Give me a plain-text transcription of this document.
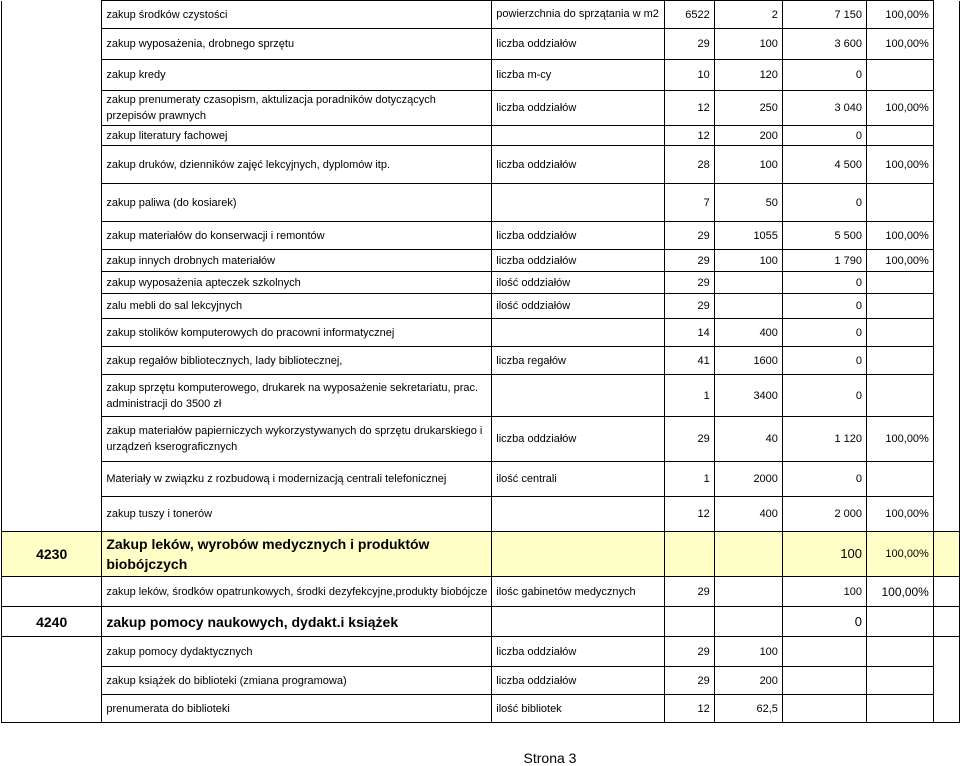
	zakup środków czystości	powierzchnia do sprzątania w m2	6522	2	7 150	100,00%	
	zakup wyposażenia, drobnego sprzętu	liczba oddziałów	29	100	3 600	100,00%	
	zakup kredy	liczba m-cy	10	120	0		
	zakup prenumeraty czasopism, aktulizacja poradników dotyczących przepisów prawnych	liczba oddziałów	12	250	3 040	100,00%	
	zakup literatury fachowej		12	200	0		
	zakup druków, dzienników zajęć lekcyjnych, dyplomów itp.	liczba oddziałów	28	100	4 500	100,00%	
	zakup paliwa (do kosiarek)		7	50	0		
	zakup materiałów do konserwacji i remontów	liczba oddziałów	29	1055	5 500	100,00%	
	zakup innych drobnych materiałów	liczba oddziałów	29	100	1 790	100,00%	
	zakup wyposażenia apteczek szkolnych	ilość oddziałów	29		0		
	zalu mebli do sal lekcyjnych	ilość oddziałów	29		0		
	zakup stolików komputerowych do pracowni informatycznej		14	400	0		
	zakup regałów bibliotecznych, lady bibliotecznej,	liczba regałów	41	1600	0		
	zakup sprzętu komputerowego, drukarek na wyposażenie sekretariatu, prac. administracji do 3500 zł		1	3400	0		
	zakup materiałów papierniczych wykorzystywanych do sprzętu drukarskiego i urządzeń kserograficznych	liczba oddziałów	29	40	1 120	100,00%	
	Materiały w związku z rozbudową i modernizacją centrali telefonicznej	ilość centrali	1	2000	0		
	zakup tuszy i tonerów		12	400	2 000	100,00%	
4230	Zakup leków, wyrobów medycznych i produktów biobójczych				100	100,00%	
	zakup leków, środków opatrunkowych, środki dezyfekcyjne,produkty biobójcze	ilośc gabinetów medycznych	29		100	100,00%	
4240	zakup pomocy naukowych, dydakt.i książek				0		
	zakup pomocy dydaktycznych	liczba oddziałów	29	100			
	zakup książek do biblioteki (zmiana programowa)	liczba oddziałów	29	200			
	prenumerata do biblioteki	ilość bibliotek	12	62,5			
Strona 3
